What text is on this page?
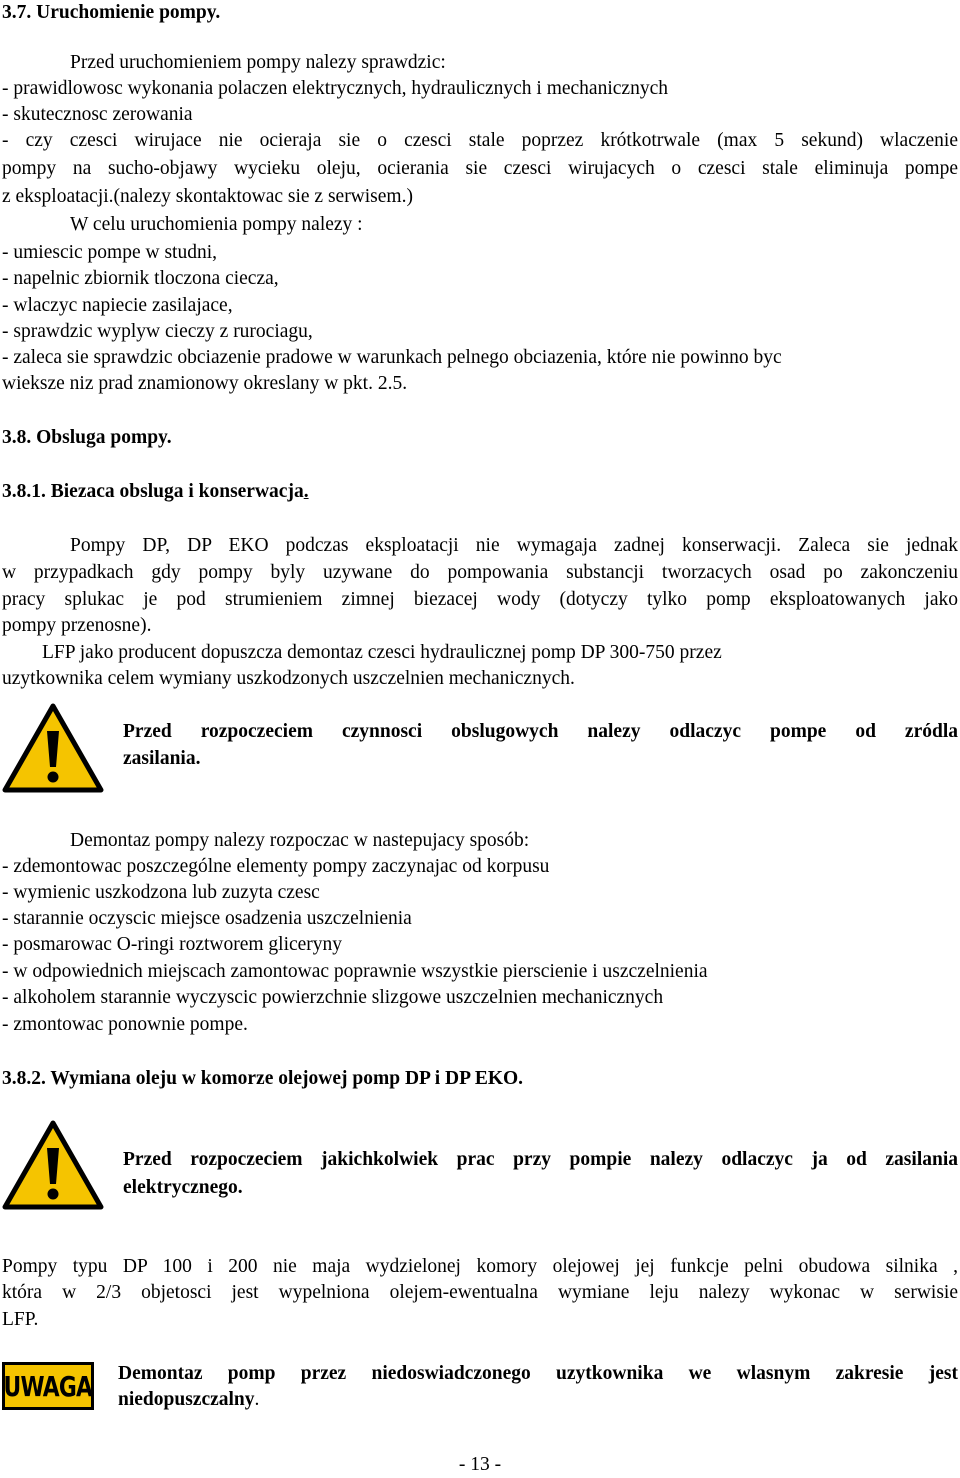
3.7. Uruchomienie pompy.
Przed uruchomieniem pompy nalezy sprawdzic:
- prawidlowosc wykonania polaczen elektrycznych, hydraulicznych i mechanicznych
- skutecznosc zerowania
- czy czesci wirujace nie ocieraja sie o czesci stale poprzez krótkotrwale (max 5 sekund) wlaczenie
pompy na sucho-objawy wycieku oleju, ocierania sie czesci wirujacych o czesci stale eliminuja pompe
z eksploatacji.(nalezy skontaktowac sie z serwisem.)
W celu uruchomienia pompy nalezy :
- umiescic pompe w studni,
- napelnic zbiornik tloczona ciecza,
- wlaczyc napiecie zasilajace,
- sprawdzic wyplyw cieczy z rurociagu,
- zaleca sie sprawdzic obciazenie pradowe w warunkach pelnego obciazenia, które nie powinno byc
wieksze niz prad znamionowy okreslany w pkt. 2.5.
3.8. Obsluga pompy.
3.8.1. Biezaca obsluga i konserwacja.
Pompy DP, DP EKO podczas eksploatacji nie wymagaja zadnej konserwacji. Zaleca sie jednak
w przypadkach gdy pompy byly uzywane do pompowania substancji tworzacych osad po zakonczeniu
pracy splukac je pod strumieniem zimnej biezacej wody (dotyczy tylko pomp eksploatowanych jako
pompy przenosne).
LFP jako producent dopuszcza demontaz czesci hydraulicznej pomp DP 300-750 przez
uzytkownika celem wymiany uszkodzonych uszczelnien mechanicznych.
Przed rozpoczeciem czynnosci obslugowych nalezy odlaczyc pompe od zródla
zasilania.
Demontaz pompy nalezy rozpoczac w nastepujacy sposób:
- zdemontowac poszczególne elementy pompy zaczynajac od korpusu
- wymienic uszkodzona lub zuzyta czesc
- starannie oczyscic miejsce osadzenia uszczelnienia
- posmarowac O-ringi roztworem gliceryny
- w odpowiednich miejscach zamontowac poprawnie wszystkie pierscienie i uszczelnienia
- alkoholem starannie wyczyscic powierzchnie slizgowe uszczelnien mechanicznych
- zmontowac ponownie pompe.
3.8.2. Wymiana oleju w komorze olejowej pomp DP i DP EKO.
Przed rozpoczeciem jakichkolwiek prac przy pompie nalezy odlaczyc ja od zasilania
elektrycznego.
Pompy typu DP 100 i 200 nie maja wydzielonej komory olejowej jej funkcje pelni obudowa silnika ,
która w 2/3 objetosci jest wypelniona olejem-ewentualna wymiane leju nalezy wykonac w serwisie
LFP.
UWAGA Demontaz pomp przez niedoswiadczonego uzytkownika we wlasnym zakresie jest
niedopuszczalny.
- 13 -
